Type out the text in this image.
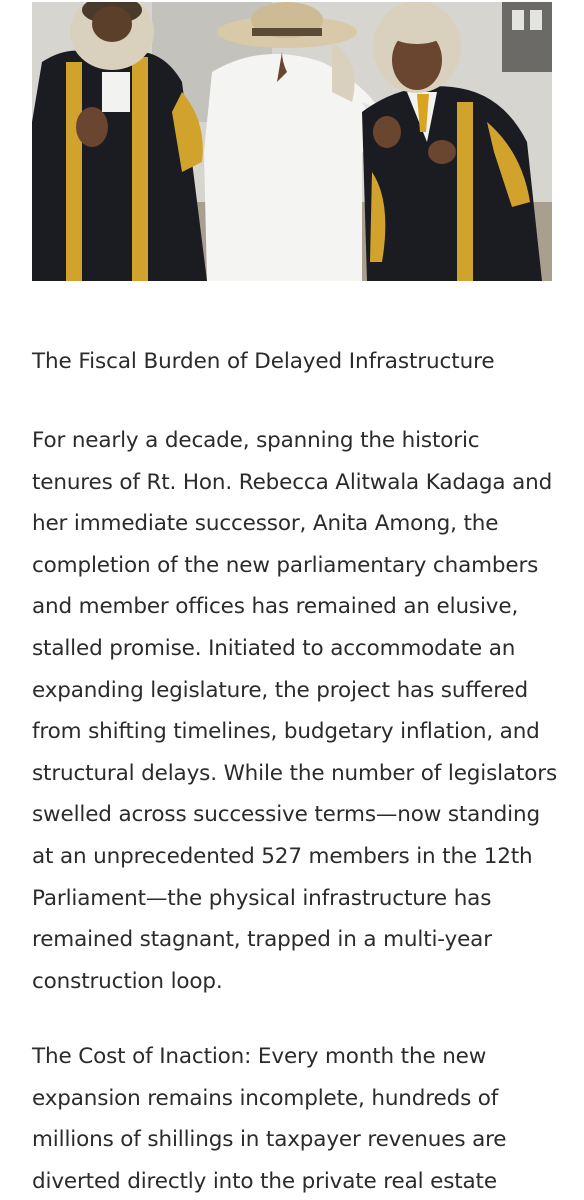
The Fiscal Burden of Delayed Infrastructure

For nearly a decade, spanning the historic tenures of Rt. Hon. Rebecca Alitwala Kadaga and her immediate successor, Anita Among, the completion of the new parliamentary chambers and member offices has remained an elusive, stalled promise. Initiated to accommodate an expanding legislature, the project has suffered from shifting timelines, budgetary inflation, and structural delays. While the number of legislators swelled across successive terms—now standing at an unprecedented 527 members in the 12th Parliament—the physical infrastructure has remained stagnant, trapped in a multi-year construction loop.

The Cost of Inaction: Every month the new expansion remains incomplete, hundreds of millions of shillings in taxpayer revenues are diverted directly into the private real estate
